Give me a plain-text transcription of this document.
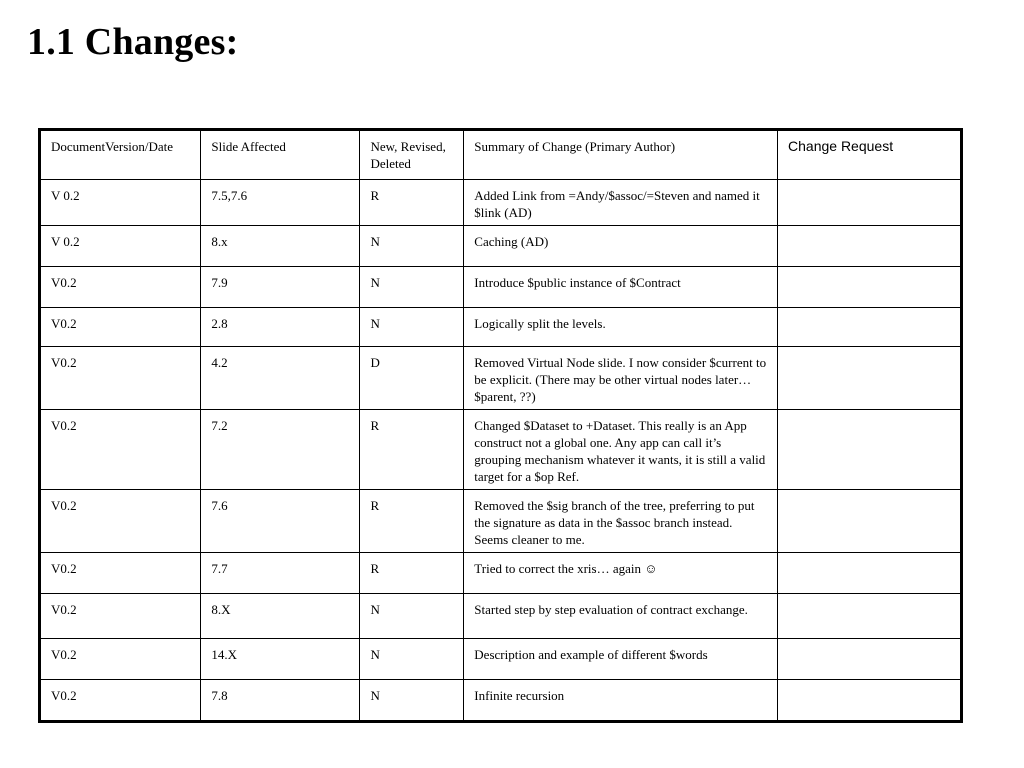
1.1 Changes:
DocumentVersion/Date	Slide Affected	New, Revised, Deleted	Summary of Change (Primary Author)	Change Request
V 0.2	7.5,7.6	R	Added Link from =Andy/$assoc/=Steven and named it $link (AD)	
V 0.2	8.x	N	Caching (AD)	
V0.2	7.9	N	Introduce $public instance of $Contract	
V0.2	2.8	N	Logically split the levels.	
V0.2	4.2	D	Removed Virtual Node slide. I now consider $current to be explicit. (There may be other virtual nodes later… $parent, ??)	
V0.2	7.2	R	Changed $Dataset to +Dataset. This really is an App construct not a global one. Any app can call it’s grouping mechanism whatever it wants, it is still a valid target for a $op Ref.	
V0.2	7.6	R	Removed the $sig branch of the tree, preferring to put the signature as data in the $assoc branch instead. Seems cleaner to me.	
V0.2	7.7	R	Tried to correct the xris… again ☺	
V0.2	8.X	N	Started step by step evaluation of contract exchange.	
V0.2	14.X	N	Description and example of different $words	
V0.2	7.8	N	Infinite recursion	
